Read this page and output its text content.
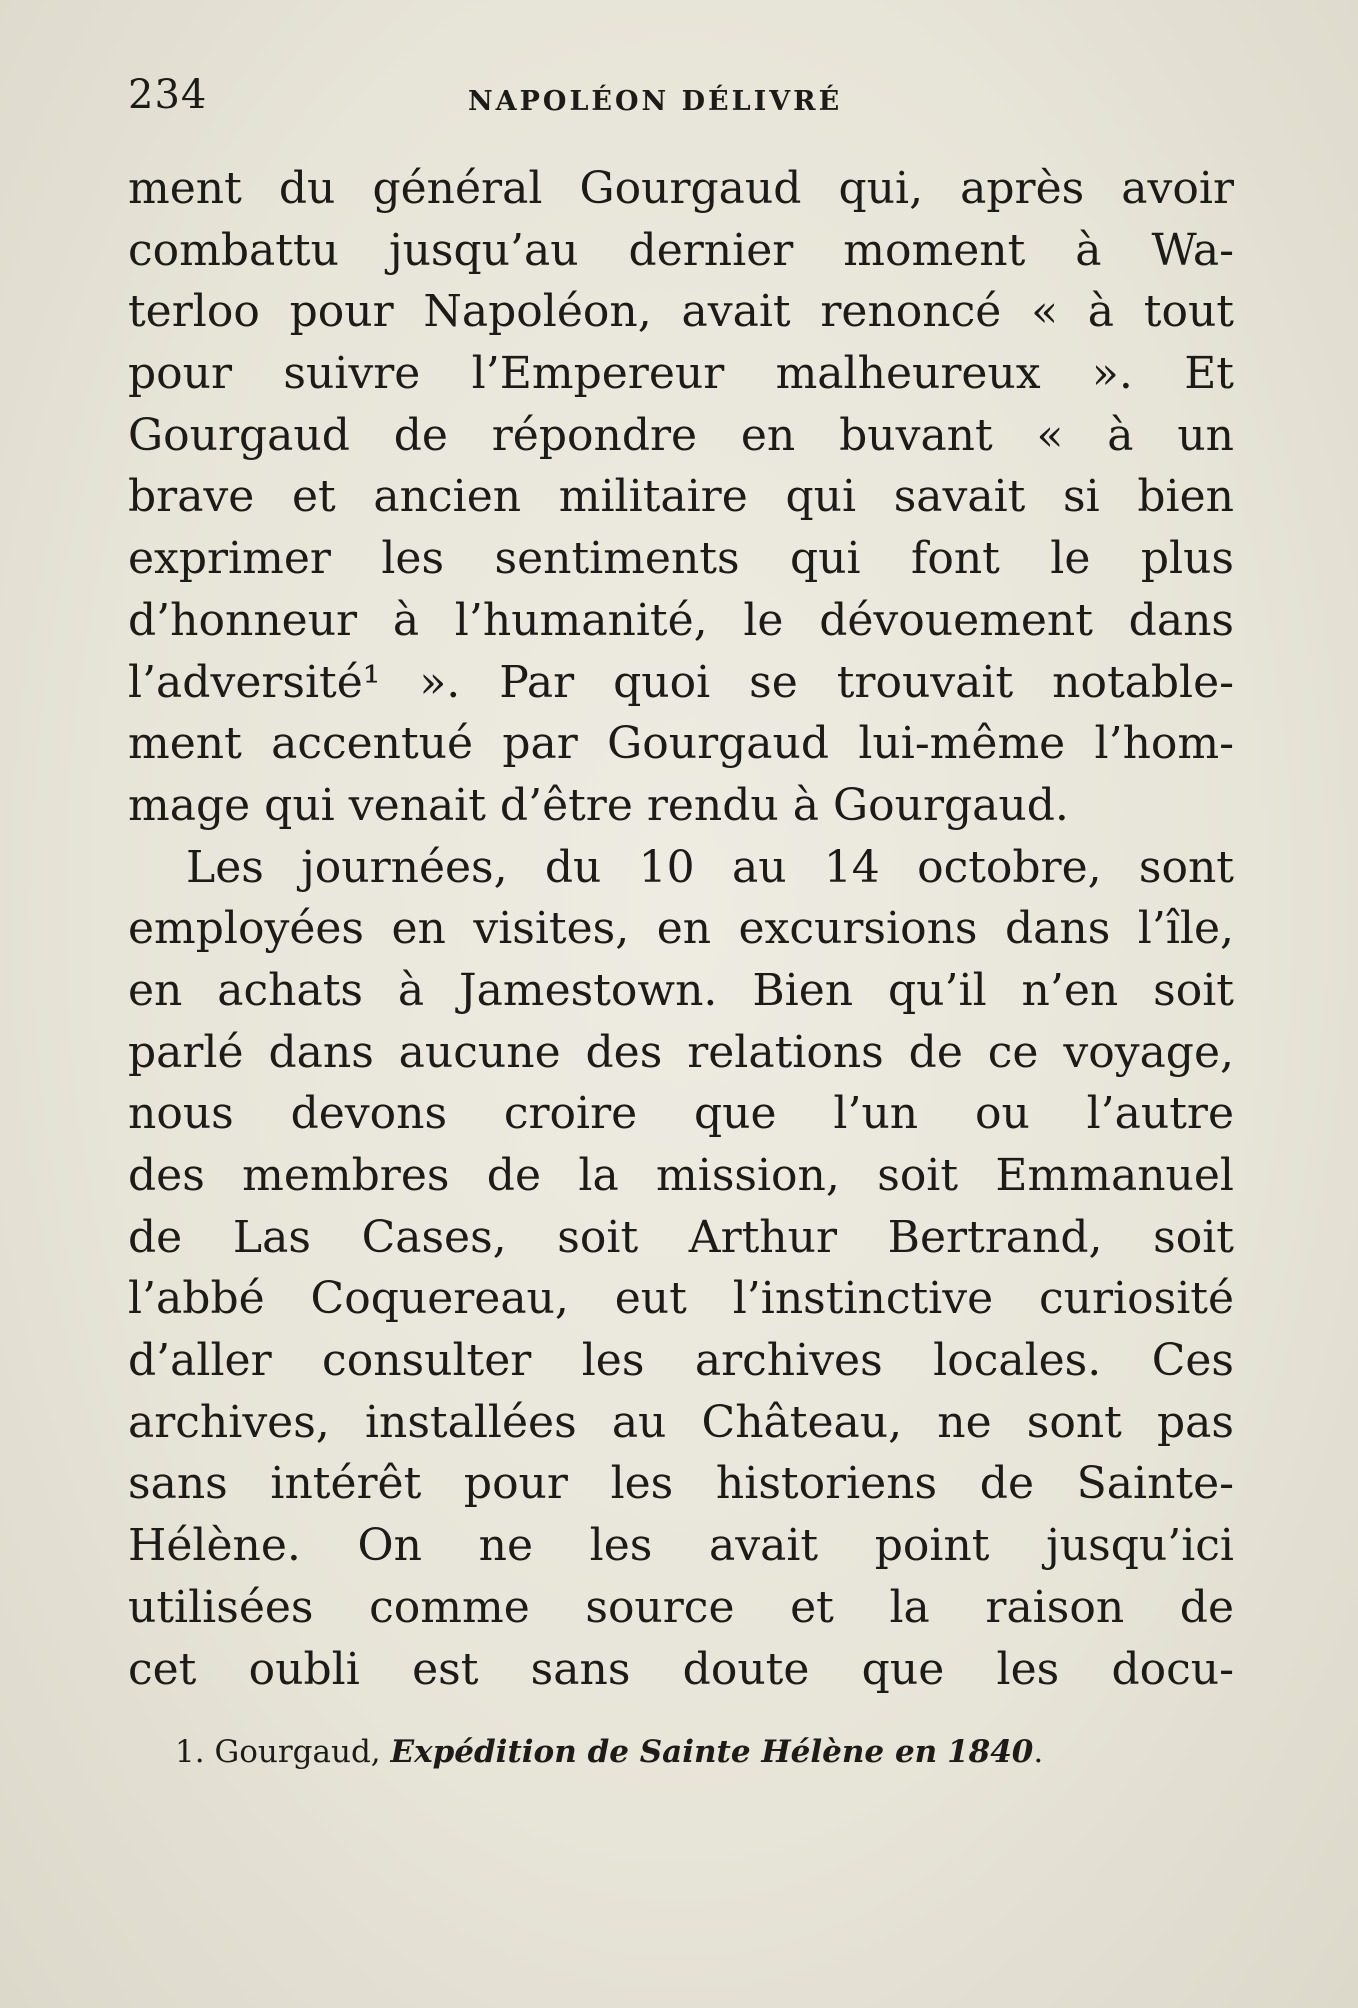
234	NAPOLÉON DÉLIVRÉ
ment du général Gourgaud qui, après avoir
combattu jusqu’au dernier moment à Wa-
terloo pour Napoléon, avait renoncé « à tout
pour suivre l’Empereur malheureux ». Et
Gourgaud de répondre en buvant « à un
brave et ancien militaire qui savait si bien
exprimer les sentiments qui font le plus
d’honneur à l’humanité, le dévouement dans
l’adversité¹ ». Par quoi se trouvait notable-
ment accentué par Gourgaud lui-même l’hom-
mage qui venait d’être rendu à Gourgaud.
Les journées, du 10 au 14 octobre, sont
employées en visites, en excursions dans l’île,
en achats à Jamestown. Bien qu’il n’en soit
parlé dans aucune des relations de ce voyage,
nous devons croire que l’un ou l’autre
des membres de la mission, soit Emmanuel
de Las Cases, soit Arthur Bertrand, soit
l’abbé Coquereau, eut l’instinctive curiosité
d’aller consulter les archives locales. Ces
archives, installées au Château, ne sont pas
sans intérêt pour les historiens de Sainte-
Hélène. On ne les avait point jusqu’ici
utilisées comme source et la raison de
cet oubli est sans doute que les docu-
1. Gourgaud, Expédition de Sainte Hélène en 1840.
